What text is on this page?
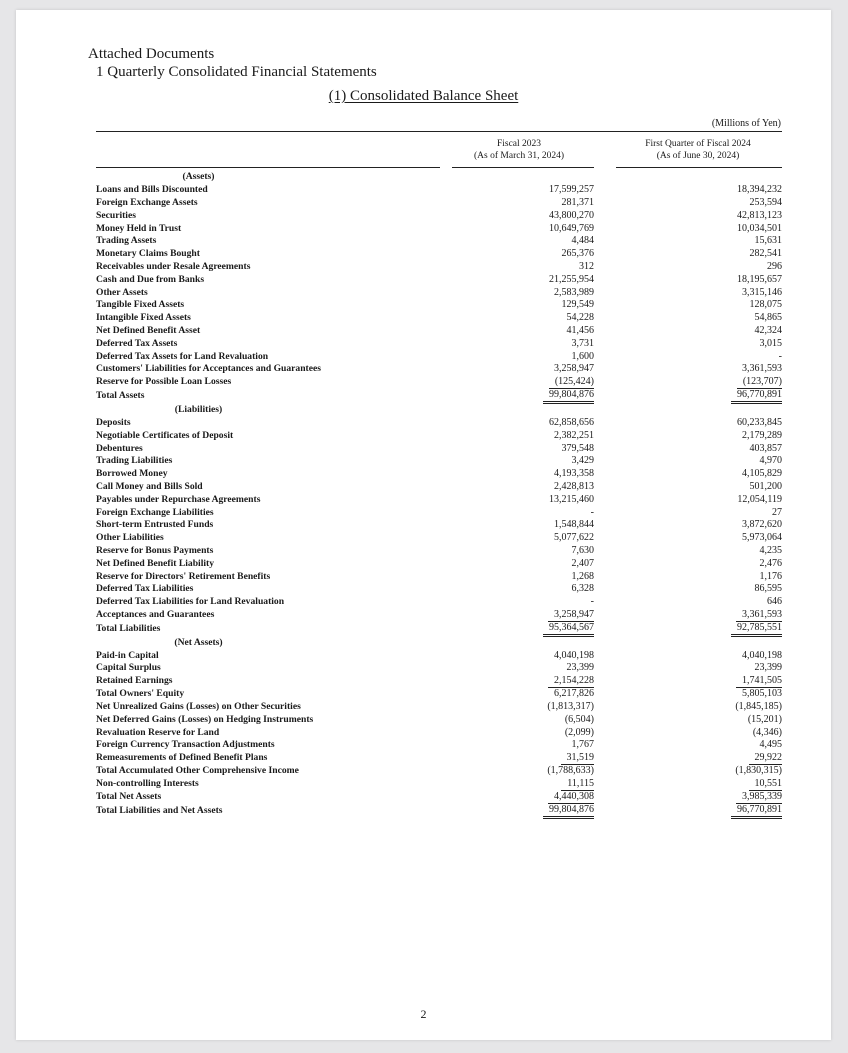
Attached Documents
1 Quarterly Consolidated Financial Statements
(1) Consolidated Balance Sheet
(Millions of Yen)
Fiscal 2023
(As of March 31, 2024)
First Quarter of Fiscal 2024
(As of June 30, 2024)
(Assets)		
Loans and Bills Discounted	17,599,257	18,394,232
Foreign Exchange Assets	281,371	253,594
Securities	43,800,270	42,813,123
Money Held in Trust	10,649,769	10,034,501
Trading Assets	4,484	15,631
Monetary Claims Bought	265,376	282,541
Receivables under Resale Agreements	312	296
Cash and Due from Banks	21,255,954	18,195,657
Other Assets	2,583,989	3,315,146
Tangible Fixed Assets	129,549	128,075
Intangible Fixed Assets	54,228	54,865
Net Defined Benefit Asset	41,456	42,324
Deferred Tax Assets	3,731	3,015
Deferred Tax Assets for Land Revaluation	1,600	-
Customers' Liabilities for Acceptances and Guarantees	3,258,947	3,361,593
Reserve for Possible Loan Losses	(125,424)	(123,707)
Total Assets	99,804,876	96,770,891
(Liabilities)		
Deposits	62,858,656	60,233,845
Negotiable Certificates of Deposit	2,382,251	2,179,289
Debentures	379,548	403,857
Trading Liabilities	3,429	4,970
Borrowed Money	4,193,358	4,105,829
Call Money and Bills Sold	2,428,813	501,200
Payables under Repurchase Agreements	13,215,460	12,054,119
Foreign Exchange Liabilities	-	27
Short-term Entrusted Funds	1,548,844	3,872,620
Other Liabilities	5,077,622	5,973,064
Reserve for Bonus Payments	7,630	4,235
Net Defined Benefit Liability	2,407	2,476
Reserve for Directors' Retirement Benefits	1,268	1,176
Deferred Tax Liabilities	6,328	86,595
Deferred Tax Liabilities for Land Revaluation	-	646
Acceptances and Guarantees	3,258,947	3,361,593
Total Liabilities	95,364,567	92,785,551
(Net Assets)		
Paid-in Capital	4,040,198	4,040,198
Capital Surplus	23,399	23,399
Retained Earnings	2,154,228	1,741,505
Total Owners' Equity	6,217,826	5,805,103
Net Unrealized Gains (Losses) on Other Securities	(1,813,317)	(1,845,185)
Net Deferred Gains (Losses) on Hedging Instruments	(6,504)	(15,201)
Revaluation Reserve for Land	(2,099)	(4,346)
Foreign Currency Transaction Adjustments	1,767	4,495
Remeasurements of Defined Benefit Plans	31,519	29,922
Total Accumulated Other Comprehensive Income	(1,788,633)	(1,830,315)
Non-controlling Interests	11,115	10,551
Total Net Assets	4,440,308	3,985,339
Total Liabilities and Net Assets	99,804,876	96,770,891
2
